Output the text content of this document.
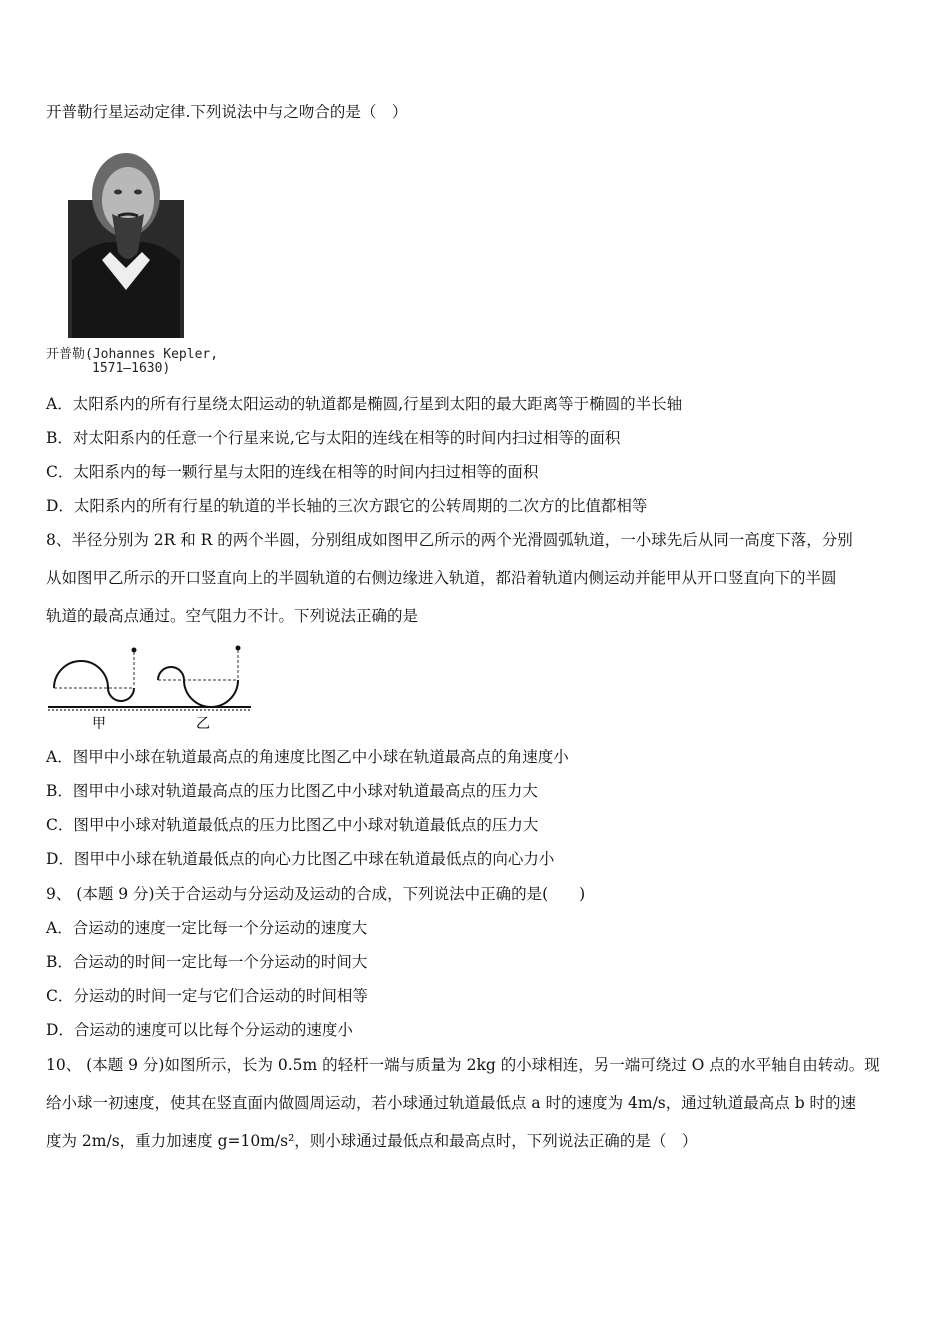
开普勒行星运动定律.下列说法中与之吻合的是（　）
开普勒(Johannes Kepler,
1571—1630)
A．太阳系内的所有行星绕太阳运动的轨道都是椭圆,行星到太阳的最大距离等于椭圆的半长轴
B．对太阳系内的任意一个行星来说,它与太阳的连线在相等的时间内扫过相等的面积
C．太阳系内的每一颗行星与太阳的连线在相等的时间内扫过相等的面积
D．太阳系内的所有行星的轨道的半长轴的三次方跟它的公转周期的二次方的比值都相等
8、半径分别为 2R 和 R 的两个半圆，分别组成如图甲乙所示的两个光滑圆弧轨道，一小球先后从同一高度下落，分别
从如图甲乙所示的开口竖直向上的半圆轨道的右侧边缘进入轨道，都沿着轨道内侧运动并能甲从开口竖直向下的半圆
轨道的最高点通过。空气阻力不计。下列说法正确的是
甲	乙
A．图甲中小球在轨道最高点的角速度比图乙中小球在轨道最高点的角速度小
B．图甲中小球对轨道最高点的压力比图乙中小球对轨道最高点的压力大
C．图甲中小球对轨道最低点的压力比图乙中小球对轨道最低点的压力大
D．图甲中小球在轨道最低点的向心力比图乙中球在轨道最低点的向心力小
9、 (本题 9 分)关于合运动与分运动及运动的合成，下列说法中正确的是(　　)
A．合运动的速度一定比每一个分运动的速度大
B．合运动的时间一定比每一个分运动的时间大
C．分运动的时间一定与它们合运动的时间相等
D．合运动的速度可以比每个分运动的速度小
10、 (本题 9 分)如图所示，长为 0.5m 的轻杆一端与质量为 2kg 的小球相连，另一端可绕过 O 点的水平轴自由转动。现
给小球一初速度，使其在竖直面内做圆周运动，若小球通过轨道最低点 a 时的速度为 4m/s，通过轨道最高点 b 时的速
度为 2m/s，重力加速度 g=10m/s²，则小球通过最低点和最高点时，下列说法正确的是（　）
